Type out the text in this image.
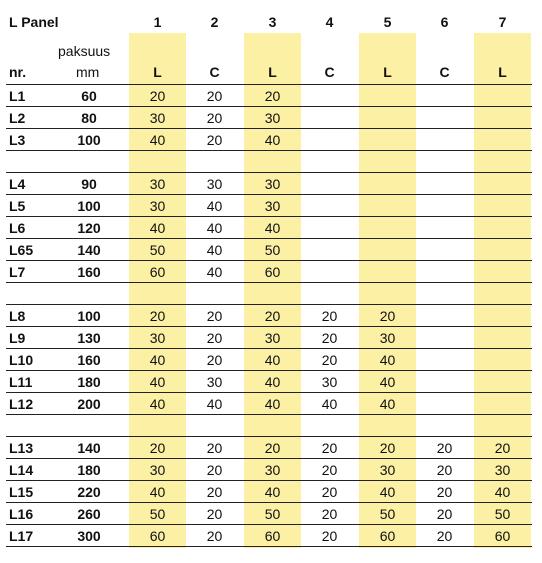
L Panel
paksuus
nr.	mm
1	2	3	4	5	6	7
L	C	L	C	L	C	L
L1	60	20	20	20
L2	80	30	20	30
L3	100	40	20	40
L4	90	30	30	30
L5	100	30	40	30
L6	120	40	40	40
L65	140	50	40	50
L7	160	60	40	60
L8	100	20	20	20	20	20
L9	130	30	20	30	20	30
L10	160	40	20	40	20	40
L11	180	40	30	40	30	40
L12	200	40	40	40	40	40
L13	140	20	20	20	20	20	20	20
L14	180	30	20	30	20	30	20	30
L15	220	40	20	40	20	40	20	40
L16	260	50	20	50	20	50	20	50
L17	300	60	20	60	20	60	20	60
